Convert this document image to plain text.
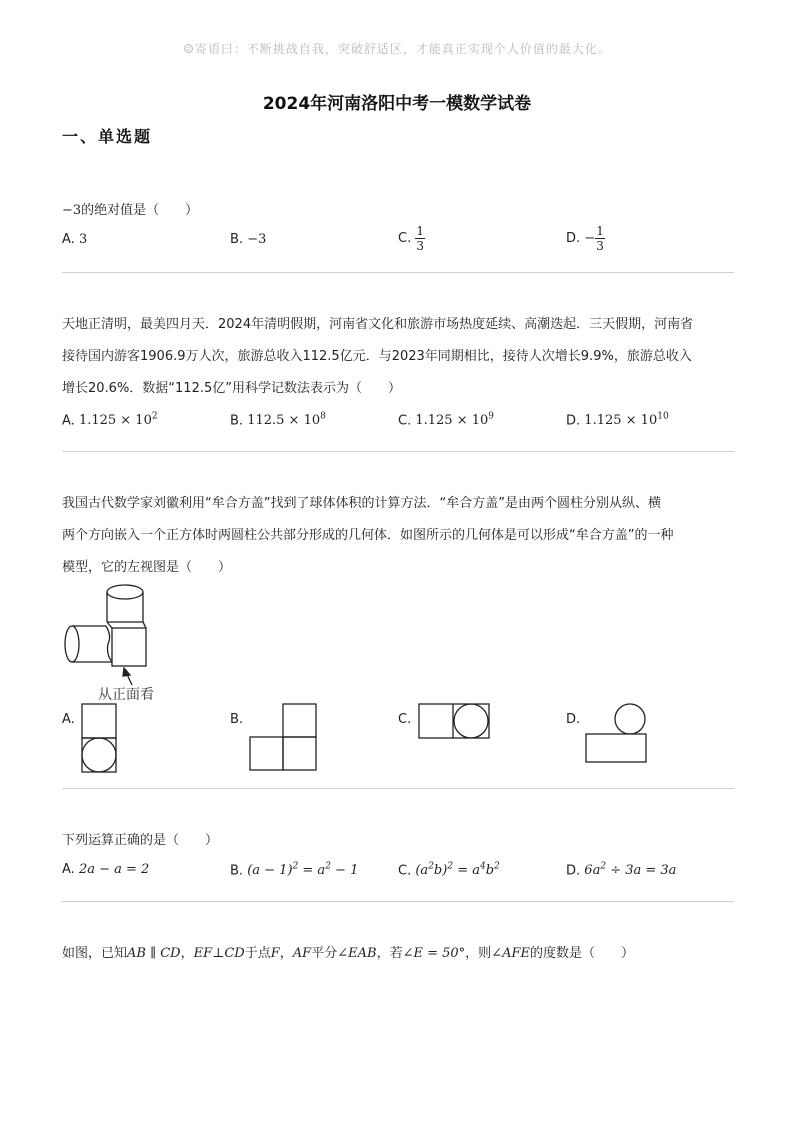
☺寄语曰：不断挑战自我，突破舒适区，才能真正实现个人价值的最大化。
2024年河南洛阳中考一模数学试卷
一、单选题
−3的绝对值是（　　）
A. 3	B. −3	C. $\frac{1}{3}$	D. − $\frac{1}{3}$
天地正清明，最美四月天．2024年清明假期，河南省文化和旅游市场热度延续、高潮迭起．三天假期，河南省
接待国内游客1906.9万人次，旅游总收入112.5亿元．与2023年同期相比，接待人次增长9.9%，旅游总收入
增长20.6%．数据“112.5亿”用科学记数法表示为（　　）
A. $1.125 \times 10^2$	B. $112.5 \times 10^8$	C. $1.125 \times 10^9$	D. $1.125 \times 10^{10}$
我国古代数学家刘徽利用“牟合方盖”找到了球体体积的计算方法．“牟合方盖”是由两个圆柱分别从纵、横
两个方向嵌入一个正方体时两圆柱公共部分形成的几何体．如图所示的几何体是可以形成“牟合方盖”的一种
模型，它的左视图是（　　）
从正面看
A.	B.	C.	D.
下列运算正确的是（　　）
A. 2a − a = 2	B. $(a - 1)^2 = a^2 - 1$	C. $(a^2b)^2 = a^4b^2$	D. $6a^2 \div 3a = 3a$
如图，已知AB ∥ CD，EF⊥CD于点F，AF平分∠EAB，若∠E = 50°，则∠AFE的度数是（　　）
